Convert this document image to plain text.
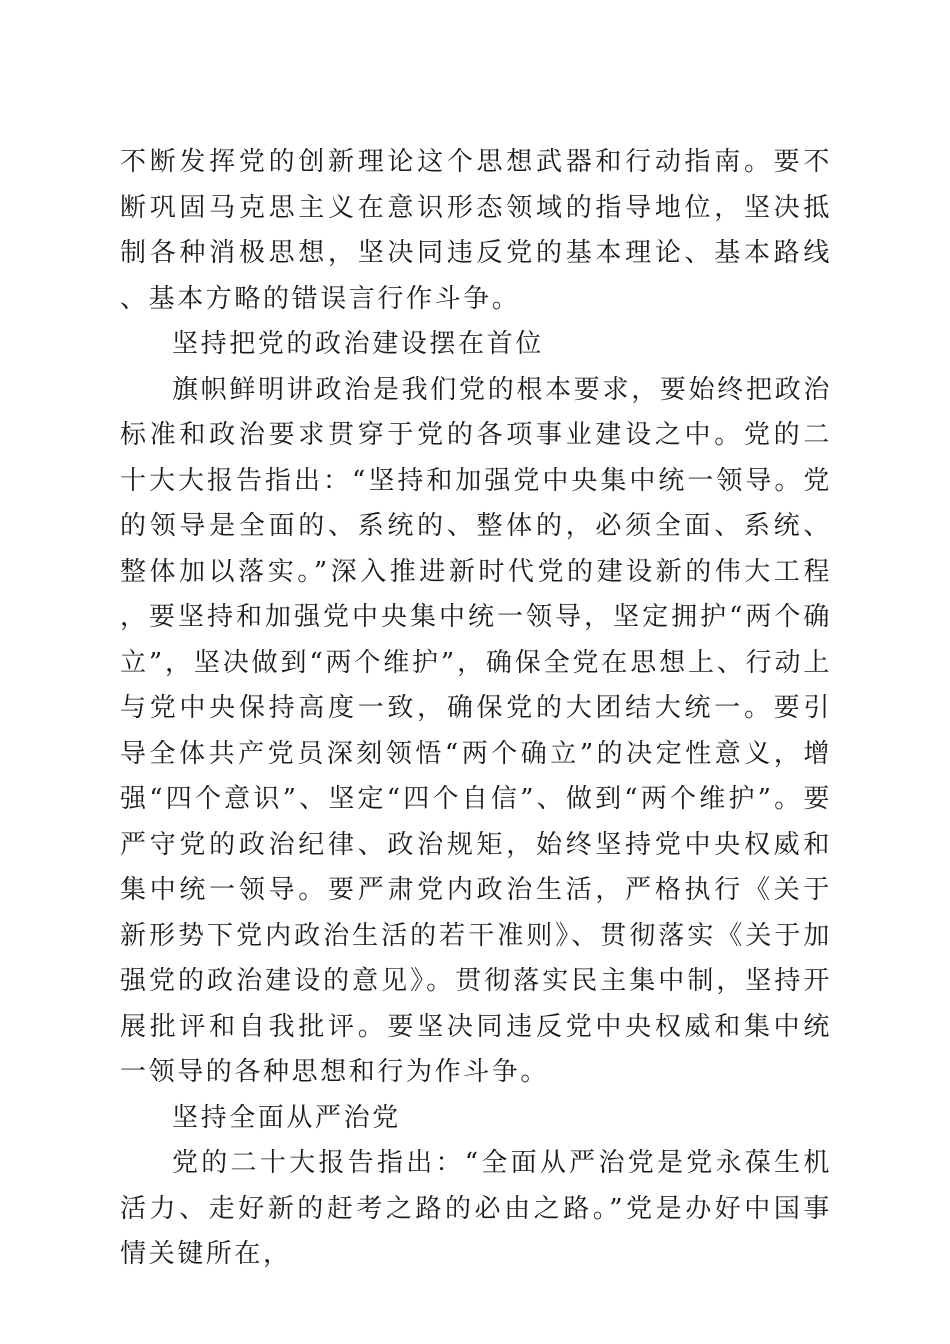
不断发挥党的创新理论这个思想武器和行动指南。要不断巩固马克思主义在意识形态领域的指导地位，坚决抵制各种消极思想，坚决同违反党的基本理论、基本路线、基本方略的错误言行作斗争。

坚持把党的政治建设摆在首位

旗帜鲜明讲政治是我们党的根本要求，要始终把政治标准和政治要求贯穿于党的各项事业建设之中。党的二十大大报告指出：“坚持和加强党中央集中统一领导。党的领导是全面的、系统的、整体的，必须全面、系统、整体加以落实。”深入推进新时代党的建设新的伟大工程，要坚持和加强党中央集中统一领导，坚定拥护“两个确立”，坚决做到“两个维护”，确保全党在思想上、行动上与党中央保持高度一致，确保党的大团结大统一。要引导全体共产党员深刻领悟“两个确立”的决定性意义，增强“四个意识”、坚定“四个自信”、做到“两个维护”。要严守党的政治纪律、政治规矩，始终坚持党中央权威和集中统一领导。要严肃党内政治生活，严格执行《关于新形势下党内政治生活的若干准则》、贯彻落实《关于加强党的政治建设的意见》。贯彻落实民主集中制，坚持开展批评和自我批评。要坚决同违反党中央权威和集中统一领导的各种思想和行为作斗争。

坚持全面从严治党

党的二十大报告指出：“全面从严治党是党永葆生机活力、走好新的赶考之路的必由之路。”党是办好中国事情关键所在，
